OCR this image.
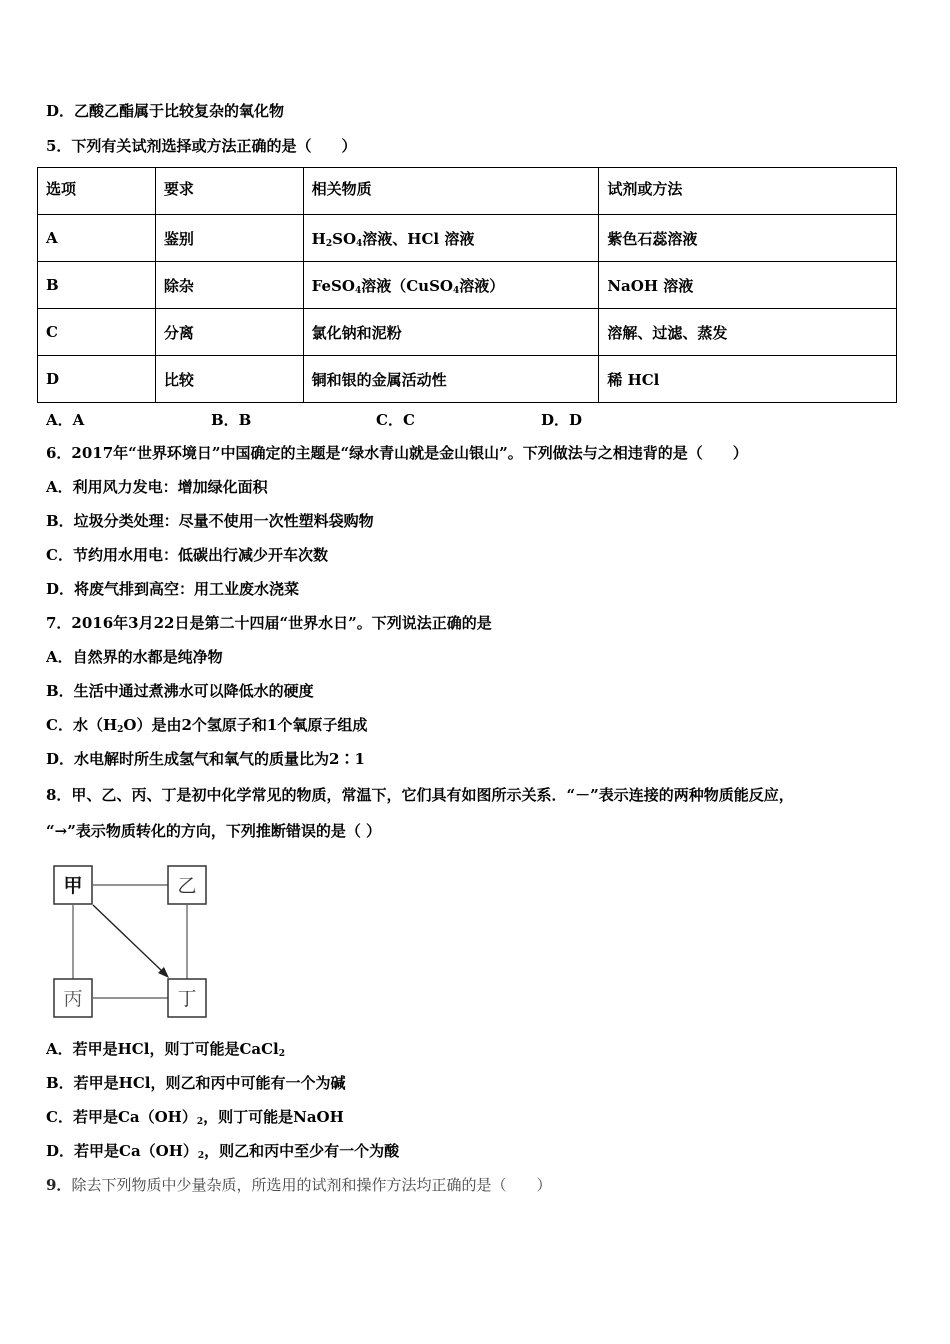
D．乙酸乙酯属于比较复杂的氧化物
5．下列有关试剂选择或方法正确的是（　　）
选项	要求	相关物质	试剂或方法
A	鉴别	$H_2SO_4$溶液、HCl 溶液	紫色石蕊溶液
B	除杂	FeSO$_4$溶液（CuSO$_4$溶液）	NaOH 溶液
C	分离	氯化钠和泥粉	溶解、过滤、蒸发
D	比较	铜和银的金属活动性	稀 HCl
A．A	B．B	C．C	D．D
6．2017年“世界环境日”中国确定的主题是“绿水青山就是金山银山”。下列做法与之相违背的是（　　）
A．利用风力发电：增加绿化面积
B．垃圾分类处理：尽量不使用一次性塑料袋购物
C．节约用水用电：低碳出行减少开车次数
D．将废气排到高空：用工业废水浇菜
7．2016年3月22日是第二十四届“世界水日”。下列说法正确的是
A．自然界的水都是纯净物
B．生活中通过煮沸水可以降低水的硬度
C．水$(H_2O)$是由2个氢原子和1个氧原子组成
D．水电解时所生成氢气和氧气的质量比为2∶1
8．甲、乙、丙、丁是初中化学常见的物质，常温下，它们具有如图所示关系．“－”表示连接的两种物质能反应，
“→”表示物质转化的方向，下列推断错误的是（ ）
甲	乙
丙	丁
A．若甲是HCl，则丁可能是CaCl$_2$
B．若甲是HCl，则乙和丙中可能有一个为碱
C．若甲是$Ca(OH)_2$，则丁可能是NaOH
D．若甲是$Ca(OH)_2$，则乙和丙中至少有一个为酸
9．除去下列物质中少量杂质，所选用的试剂和操作方法均正确的是（　　）
